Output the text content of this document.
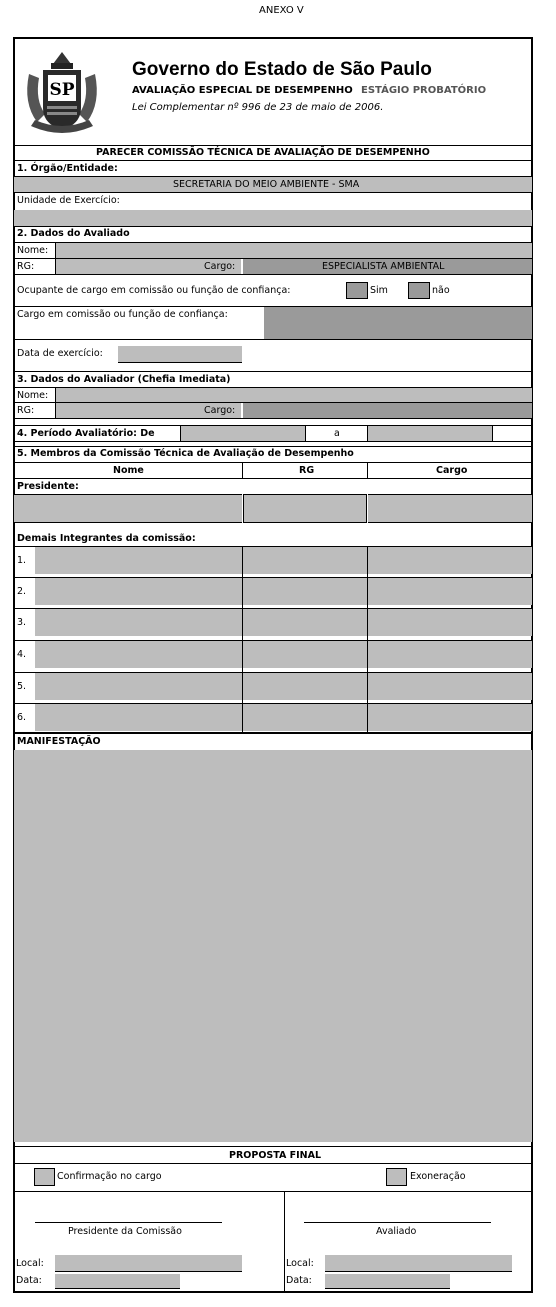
ANEXO V
SP
Governo do Estado de São Paulo
AVALIAÇÃO ESPECIAL DE DESEMPENHO ESTÁGIO PROBATÓRIO
Lei Complementar nº 996 de 23 de maio de 2006.
PARECER COMISSÃO TÉCNICA DE AVALIAÇÃO DE DESEMPENHO
1. Órgão/Entidade:
SECRETARIA DO MEIO AMBIENTE - SMA
Unidade de Exercício:
2. Dados do Avaliado
Nome:
RG:	Cargo:	ESPECIALISTA AMBIENTAL
Ocupante de cargo em comissão ou função de confiança:	Sim	não
Cargo em comissão ou função de confiança:
Data de exercício:
3. Dados do Avaliador (Chefia Imediata)
Nome:
RG:	Cargo:
4. Período Avaliatório: De	a
5. Membros da Comissão Técnica de Avaliação de Desempenho
Nome	RG	Cargo
Presidente:
Demais Integrantes da comissão:
1.
2.
3.
4.
5.
6.
MANIFESTAÇÃO
PROPOSTA FINAL
Confirmação no cargo	Exoneração
Presidente da Comissão	Avaliado
Local:
Data:
Local:
Data:
